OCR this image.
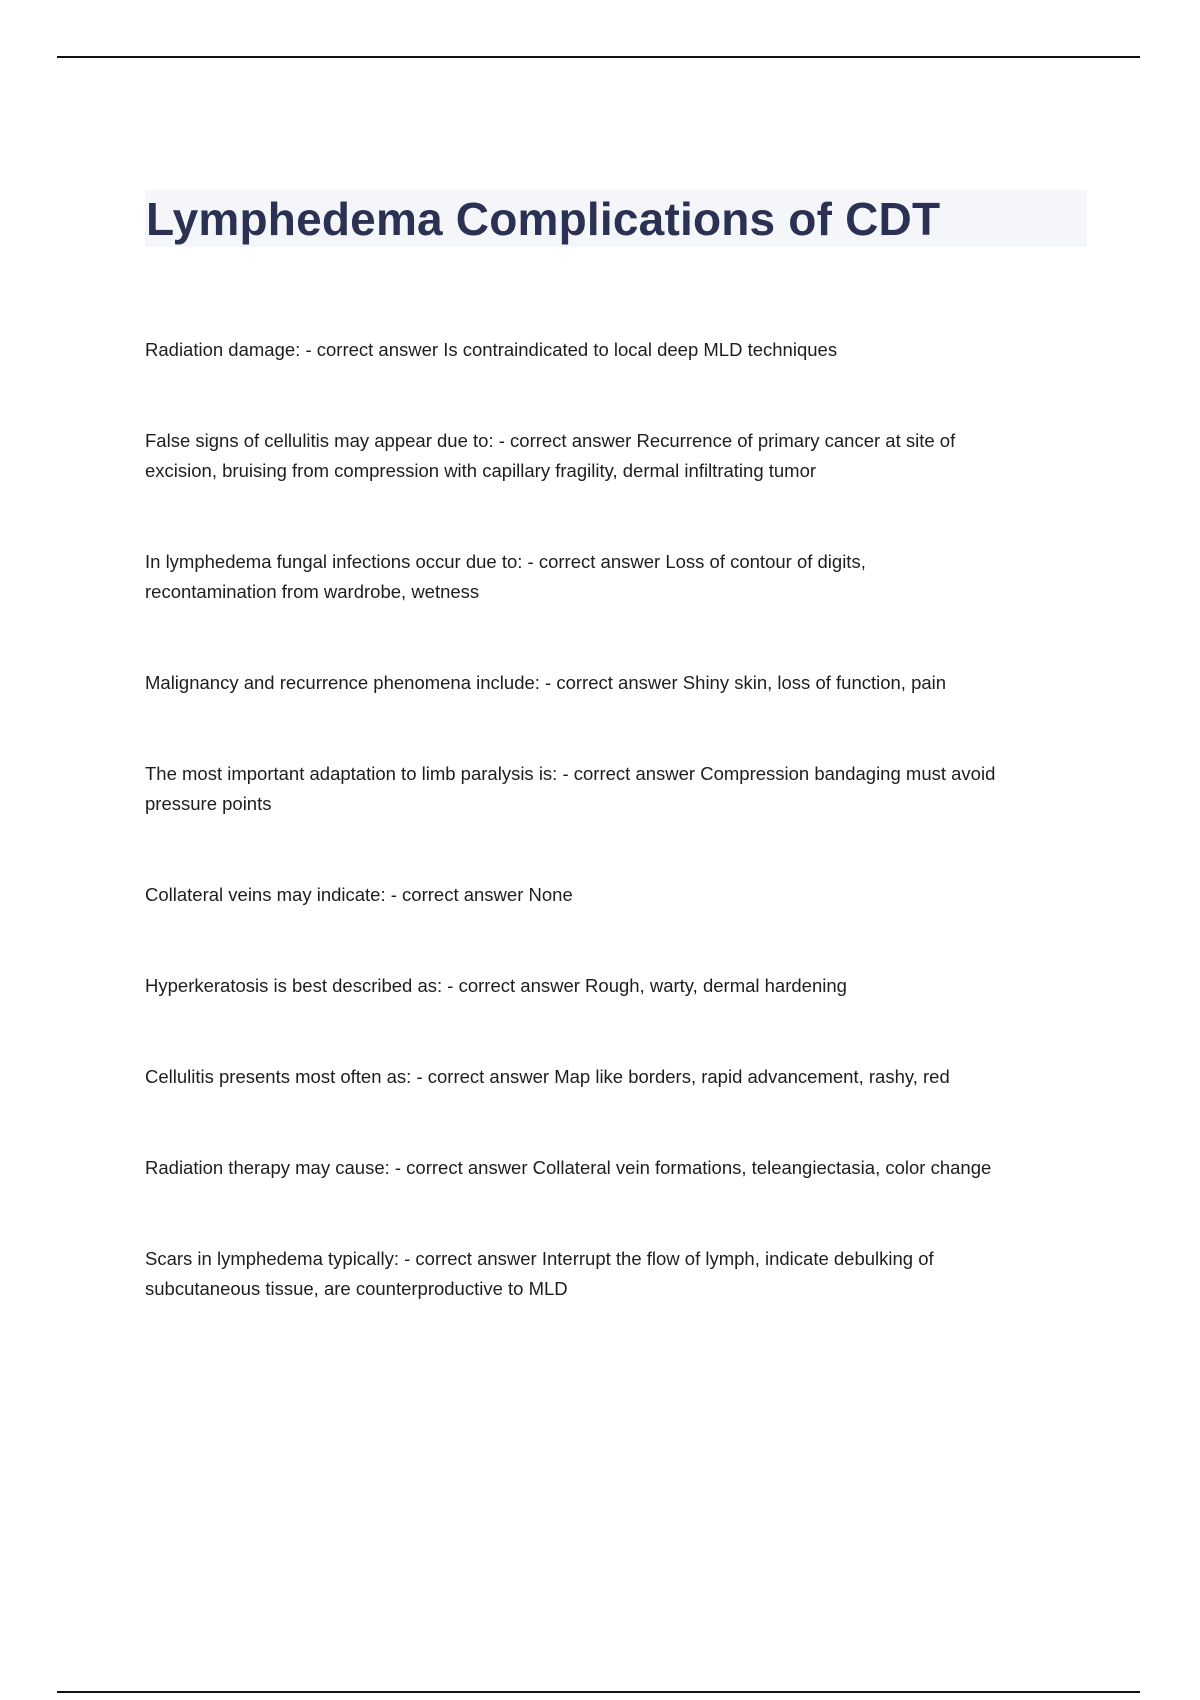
Lymphedema Complications of CDT

Radiation damage: - correct answer Is contraindicated to local deep MLD techniques

False signs of cellulitis may appear due to: - correct answer Recurrence of primary cancer at site of
excision, bruising from compression with capillary fragility, dermal infiltrating tumor

In lymphedema fungal infections occur due to: - correct answer Loss of contour of digits,
recontamination from wardrobe, wetness

Malignancy and recurrence phenomena include: - correct answer Shiny skin, loss of function, pain

The most important adaptation to limb paralysis is: - correct answer Compression bandaging must avoid
pressure points

Collateral veins may indicate: - correct answer None

Hyperkeratosis is best described as: - correct answer Rough, warty, dermal hardening

Cellulitis presents most often as: - correct answer Map like borders, rapid advancement, rashy, red

Radiation therapy may cause: - correct answer Collateral vein formations, teleangiectasia, color change

Scars in lymphedema typically: - correct answer Interrupt the flow of lymph, indicate debulking of
subcutaneous tissue, are counterproductive to MLD
